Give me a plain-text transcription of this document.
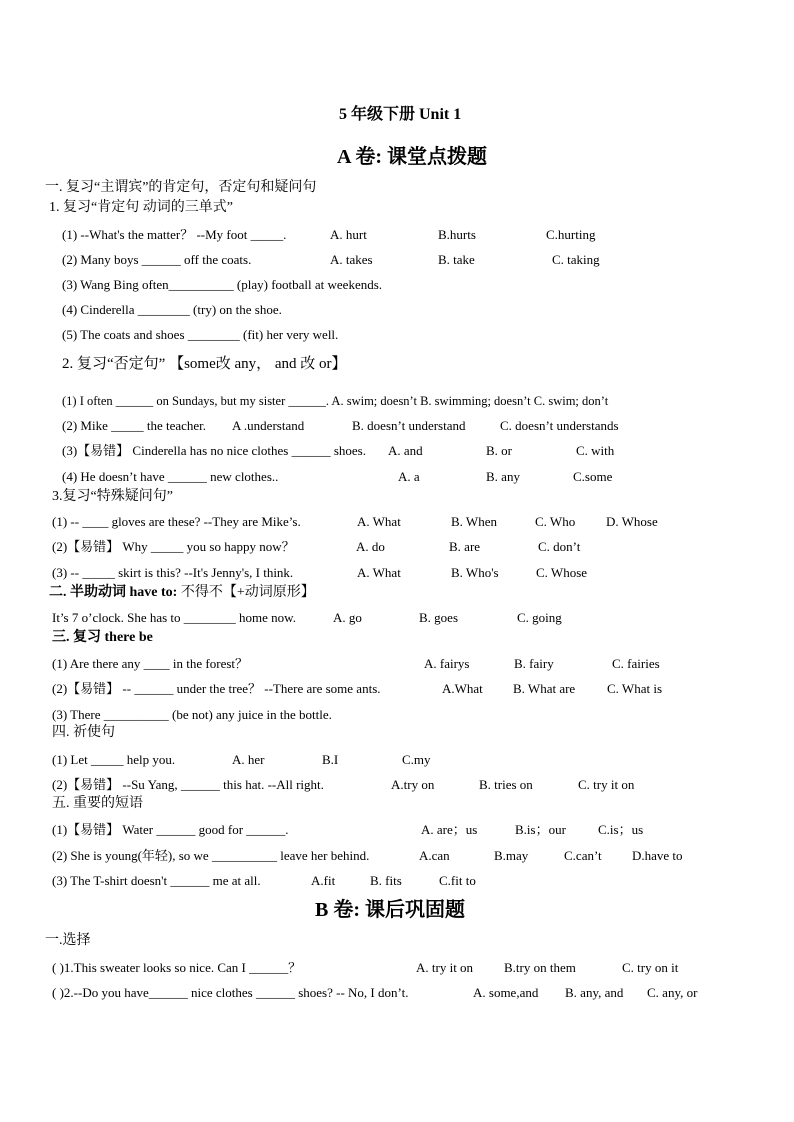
5 年级下册 Unit 1
A 卷: 课堂点拨题
一. 复习“主谓宾”的肯定句，否定句和疑问句
1. 复习“肯定句 动词的三单式”
(1) --What's the matter？ --My foot _____.	A. hurt	B.hurts	C.hurting
(2) Many boys ______ off the coats.	A. takes	B. take	C. taking
(3) Wang Bing often__________ (play) football at weekends.
(4) Cinderella ________ (try) on the shoe.
(5) The coats and shoes ________ (fit) her very well.
2. 复习“否定句” 【some改 any， and 改 or】
(1) I often ______ on Sundays, but my sister ______. A. swim; doesn’t B. swimming; doesn’t C. swim; don’t
(2) Mike _____ the teacher. A .understand	B. doesn’t understand	C. doesn’t understands
(3)【易错】 Cinderella has no nice clothes ______ shoes. A. and	B. or	C. with
(4) He doesn’t have ______ new clothes..	A. a	B. any	C.some
3.复习“特殊疑问句”
(1) -- ____ gloves are these? --They are Mike’s.	A. What	B. When	C. Who D. Whose
(2)【易错】 Why _____ you so happy now？	A. do	B. are	C. don’t
(3) -- _____ skirt is this? --It's Jenny's, I think.	A. What	B. Who's	C. Whose
二. 半助动词 have to: 不得不【+动词原形】
It’s 7 o’clock. She has to ________ home now.	A. go	B. goes	C. going
三. 复习 there be
(1) Are there any ____ in the forest？	A. fairys	B. fairy	C. fairies
(2)【易错】 -- ______ under the tree？ --There are some ants.	A.What B. What are C. What is
(3) There __________ (be not) any juice in the bottle.
四. 祈使句
(1) Let _____ help you.	A. her	B.I	C.my
(2)【易错】 --Su Yang, ______ this hat. --All right.	A.try on	B. tries on	C. try it on
五. 重要的短语
(1)【易错】 Water ______ good for ______.	A. are；us	B.is；our C.is；us
(2) She is young(年轻), so we __________ leave her behind.	A.can	B.may	C.can’t D.have to
(3) The T-shirt doesn't ______ me at all.	A.fit	B. fits	C.fit to
B 卷: 课后巩固题
一.选择
( )1.This sweater looks so nice. Can I ______？	A. try it on B.try on them	C. try on it
( )2.--Do you have______ nice clothes ______ shoes? -- No, I don’t.	A. some,and B. any, and C. any, or
